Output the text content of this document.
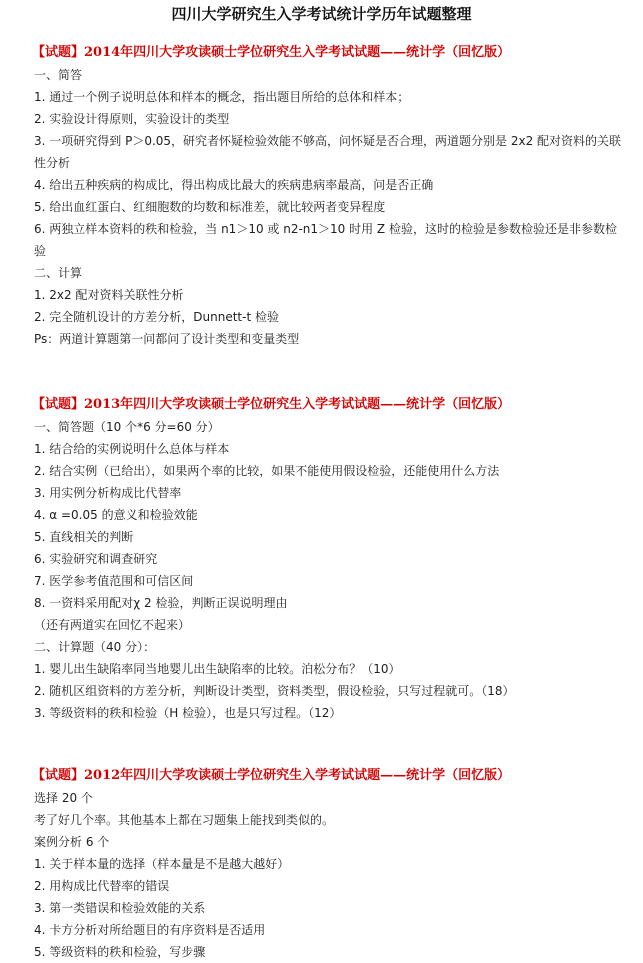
四川大学研究生入学考试统计学历年试题整理
【试题】2014年四川大学攻读硕士学位研究生入学考试试题——统计学（回忆版）
一、简答
1. 通过一个例子说明总体和样本的概念，指出题目所给的总体和样本；
2. 实验设计得原则，实验设计的类型
3. 一项研究得到 P＞0.05，研究者怀疑检验效能不够高，问怀疑是否合理，两道题分别是 2x2 配对资料的关联性分析
4. 给出五种疾病的构成比，得出构成比最大的疾病患病率最高，问是否正确
5. 给出血红蛋白、红细胞数的均数和标准差，就比较两者变异程度
6. 两独立样本资料的秩和检验，当 n1＞10 或 n2-n1＞10 时用 Z 检验，这时的检验是参数检验还是非参数检验
二、计算
1. 2x2 配对资料关联性分析
2. 完全随机设计的方差分析，Dunnett-t 检验
Ps：两道计算题第一问都问了设计类型和变量类型
【试题】2013年四川大学攻读硕士学位研究生入学考试试题——统计学（回忆版）
一、简答题（10 个*6 分=60 分）
1. 结合给的实例说明什么总体与样本
2. 结合实例（已给出），如果两个率的比较，如果不能使用假设检验，还能使用什么方法
3. 用实例分析构成比代替率
4. α =0.05 的意义和检验效能
5. 直线相关的判断
6. 实验研究和调查研究
7. 医学参考值范围和可信区间
8. 一资料采用配对χ 2 检验，判断正误说明理由
（还有两道实在回忆不起来）
二、计算题（40 分）：
1. 婴儿出生缺陷率同当地婴儿出生缺陷率的比较。泊松分布？（10）
2. 随机区组资料的方差分析，判断设计类型，资料类型，假设检验，只写过程就可。（18）
3. 等级资料的秩和检验（H 检验），也是只写过程。（12）
【试题】2012年四川大学攻读硕士学位研究生入学考试试题——统计学（回忆版）
选择 20 个
考了好几个率。其他基本上都在习题集上能找到类似的。
案例分析 6 个
1. 关于样本量的选择（样本量是不是越大越好）
2. 用构成比代替率的错误
3. 第一类错误和检验效能的关系
4. 卡方分析对所给题目的有序资料是否适用
5. 等级资料的秩和检验，写步骤
